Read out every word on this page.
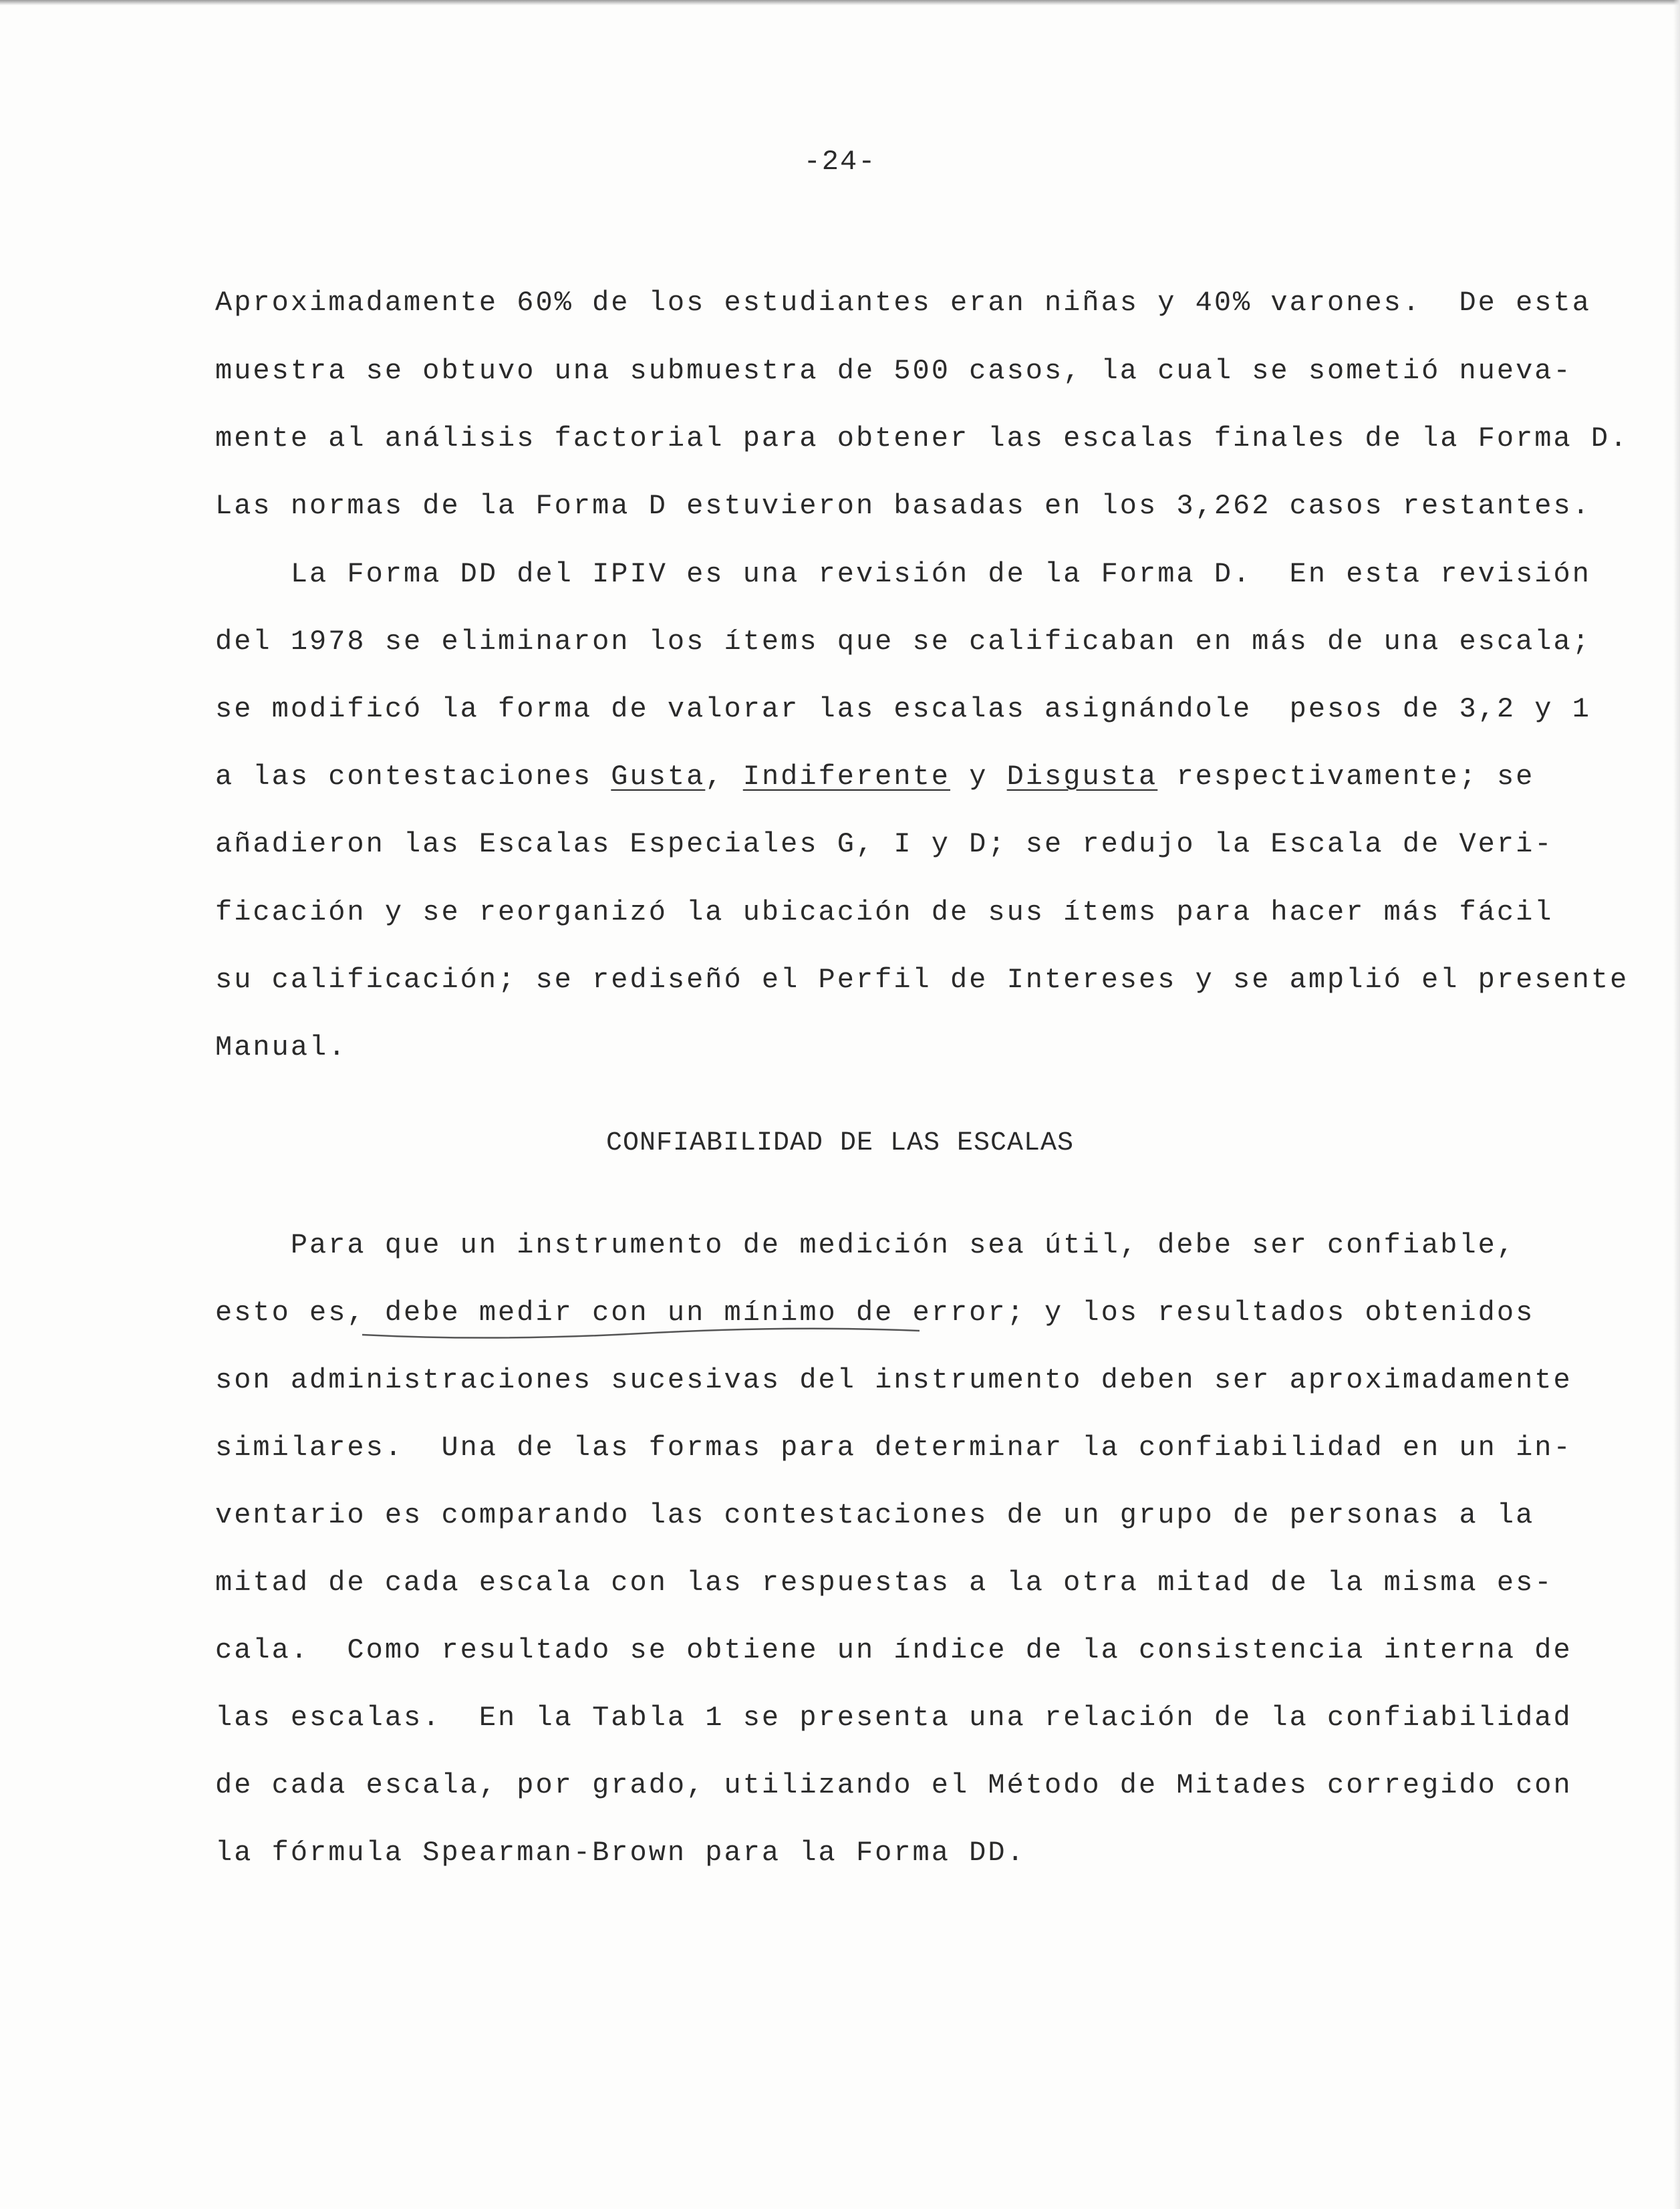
-24-
Aproximadamente 60% de los estudiantes eran niñas y 40% varones.  De esta
muestra se obtuvo una submuestra de 500 casos, la cual se sometió nueva-
mente al análisis factorial para obtener las escalas finales de la Forma D.
Las normas de la Forma D estuvieron basadas en los 3,262 casos restantes.
La Forma DD del IPIV es una revisión de la Forma D.  En esta revisión
del 1978 se eliminaron los ítems que se calificaban en más de una escala;
se modificó la forma de valorar las escalas asignándole  pesos de 3,2 y 1
a las contestaciones Gusta, Indiferente y Disgusta respectivamente; se
añadieron las Escalas Especiales G, I y D; se redujo la Escala de Veri-
ficación y se reorganizó la ubicación de sus ítems para hacer más fácil
su calificación; se rediseñó el Perfil de Intereses y se amplió el presente
Manual.
CONFIABILIDAD DE LAS ESCALAS
Para que un instrumento de medición sea útil, debe ser confiable,
esto es, debe medir con un mínimo de error; y los resultados obtenidos
son administraciones sucesivas del instrumento deben ser aproximadamente
similares.  Una de las formas para determinar la confiabilidad en un in-
ventario es comparando las contestaciones de un grupo de personas a la
mitad de cada escala con las respuestas a la otra mitad de la misma es-
cala.  Como resultado se obtiene un índice de la consistencia interna de
las escalas.  En la Tabla 1 se presenta una relación de la confiabilidad
de cada escala, por grado, utilizando el Método de Mitades corregido con
la fórmula Spearman-Brown para la Forma DD.
